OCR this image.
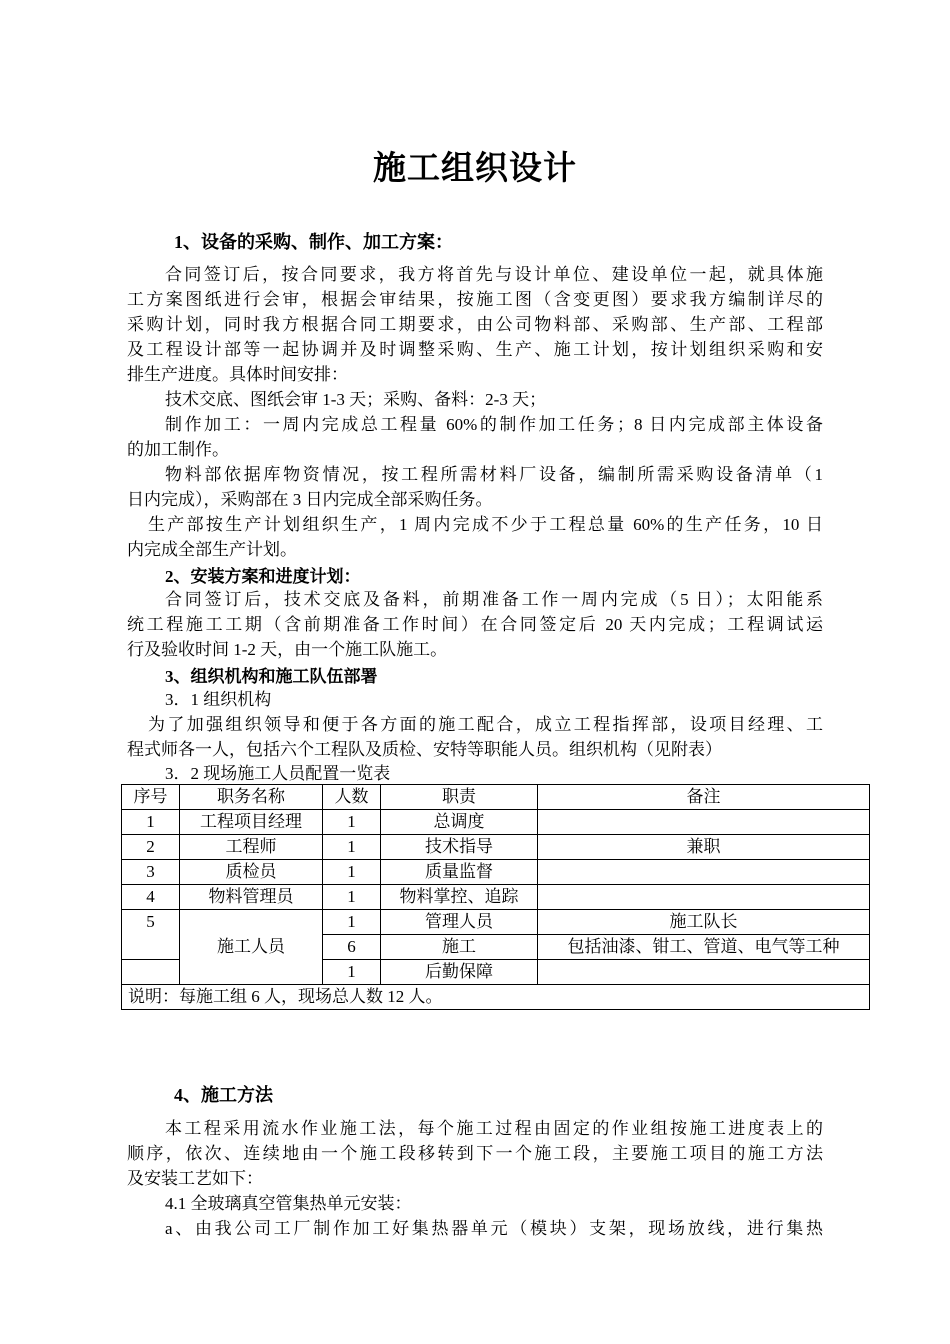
施工组织设计
1、设备的采购、制作、加工方案：
合同签订后，按合同要求，我方将首先与设计单位、建设单位一起，就具体施
工方案图纸进行会审，根据会审结果，按施工图（含变更图）要求我方编制详尽的
采购计划，同时我方根据合同工期要求，由公司物料部、采购部、生产部、工程部
及工程设计部等一起协调并及时调整采购、生产、施工计划，按计划组织采购和安
排生产进度。具体时间安排：
技术交底、图纸会审 1-3 天；采购、备料：2-3 天；
制作加工：一周内完成总工程量 60%的制作加工任务；8 日内完成部主体设备
的加工制作。
物料部依据库物资情况，按工程所需材料厂设备，编制所需采购设备清单（1
日内完成），采购部在 3 日内完成全部采购任务。
生产部按生产计划组织生产，1 周内完成不少于工程总量 60%的生产任务，10 日
内完成全部生产计划。
2、安装方案和进度计划：
合同签订后，技术交底及备料，前期准备工作一周内完成（5 日）；太阳能系
统工程施工工期（含前期准备工作时间）在合同签定后 20 天内完成；工程调试运
行及验收时间 1-2 天，由一个施工队施工。
3、组织机构和施工队伍部署
3．1 组织机构
为了加强组织领导和便于各方面的施工配合，成立工程指挥部，设项目经理、工
程式师各一人，包括六个工程队及质检、安特等职能人员。组织机构（见附表）
3．2 现场施工人员配置一览表
序号	职务名称	人数	职责	备注
1	工程项目经理	1	总调度	
2	工程师	1	技术指导	兼职
3	质检员	1	质量监督	
4	物料管理员	1	物料掌控、追踪	
5	施工人员	1	管理人员	施工队长
		6	施工	包括油漆、钳工、管道、电气等工种
		1	后勤保障	
说明：每施工组 6 人，现场总人数 12 人。				
4、施工方法
本工程采用流水作业施工法，每个施工过程由固定的作业组按施工进度表上的
顺序，依次、连续地由一个施工段移转到下一个施工段，主要施工项目的施工方法
及安装工艺如下：
4.1 全玻璃真空管集热单元安装：
a、由我公司工厂制作加工好集热器单元（模块）支架，现场放线，进行集热
